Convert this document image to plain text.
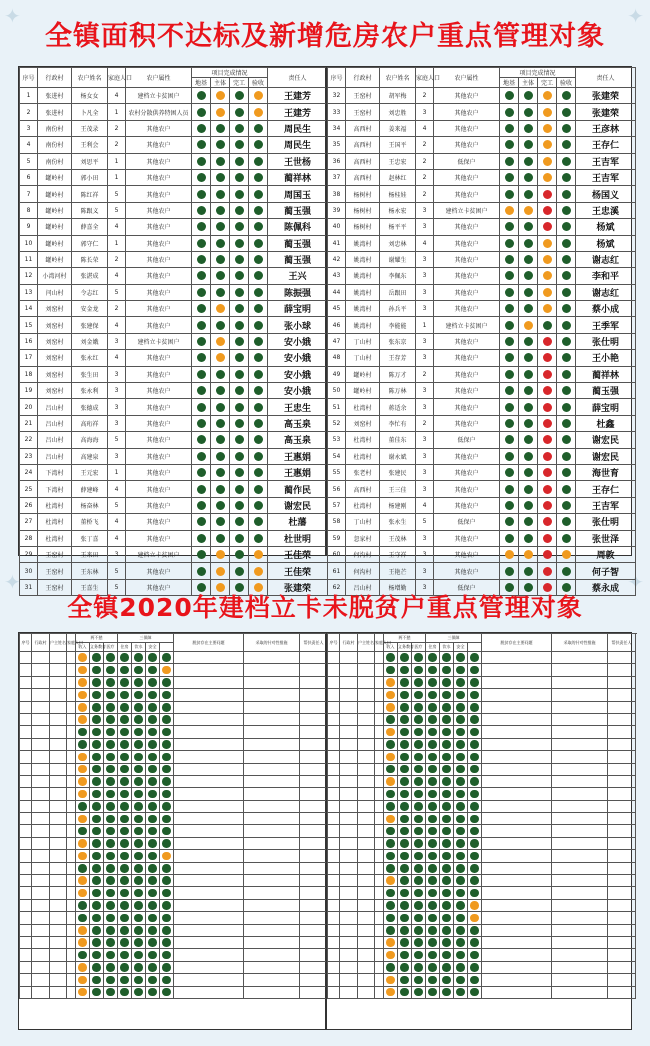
✦	✦
✦	✦
全镇面积不达标及新增危房农户重点管理对象
序号	行政村	农户姓名	家庭人口	农户属性	项目完成情况				责任人
					地基	主体	完工	验收	
1	张进村	杨女女	4	建档立卡贫困户					王建芳
2	张进村	卜凡全	1	农村分散供养特困人员					王建芳
3	南份村	王茂录	2	其他农户					周民生
4	南份村	王利会	2	其他农户					周民生
5	南份村	刘思平	1	其他农户					王世杨
6	罐岭村	郭小田	1	其他农户					蔺祥林
7	罐岭村	陈红祥	5	其他农户					周国玉
8	罐岭村	陈跟义	5	其他农户					蔺玉强
9	罐岭村	薛喜全	4	其他农户					陈佩科
10	罐岭村	郭守仁	1	其他农户					蔺玉强
11	罐岭村	陈长荣	2	其他农户					蔺玉强
12	小湾河村	张湛成	4	其他农户					王兴
13	闫山村	令志红	5	其他农户					陈振强
14	刘窑村	安金龙	2	其他农户					薛宝明
15	刘窑村	张建保	4	其他农户					张小球
16	刘窑村	刘金娥	3	建档立卡贫困户					安小娥
17	刘窑村	张永红	4	其他农户					安小娥
18	刘窑村	张生田	3	其他农户					安小娥
19	刘窑村	张永利	3	其他农户					安小娥
20	吕山村	张德成	3	其他农户					王忠生
21	吕山村	高珩祥	3	其他农户					高玉泉
22	吕山村	高海海	5	其他农户					高玉泉
23	吕山村	高建泉	3	其他农户					王惠娟
24	下湾村	王元宏	1	其他农户					王惠娟
25	下湾村	薛建峰	4	其他农户					蔺作民
26	杜湾村	杨奋林	5	其他农户					谢宏民
27	杜湾村	董桥飞	4	其他农户					杜藩
28	杜湾村	张丁喜	4	其他农户					杜世明
29	王窑村	王来田	3	建档立卡贫困户					王佳荣
30	王窑村	王东林	5	其他农户					王佳荣
31	王窑村	王喜生	5	其他农户					张建荣
序号	行政村	农户姓名	家庭人口	农户属性	项目完成情况				责任人
					地基	主体	完工	验收	
32	王窑村	胡军梅	2	其他农户					张建荣
33	王窑村	刘忠胜	3	其他农户					张建荣
34	高西村	姜来福	4	其他农户					王彦林
35	高西村	王国平	2	其他农户					王存仁
36	高西村	王忠宏	2	低保户					王吉军
37	高西村	赵林红	2	其他农户					王吉军
38	杨树村	杨桂娃	2	其他农户					杨国义
39	杨树村	杨永宏	3	建档立卡贫困户					王忠溪
40	杨树村	杨平平	3	其他农户					杨斌
41	姚湾村	刘忠林	4	其他农户					杨斌
42	姚湾村	谢耀生	3	其他农户					谢志红
43	姚湾村	李佩东	3	其他农户					李和平
44	姚湾村	岳跟田	3	其他农户					谢志红
45	姚湾村	孙兵平	3	其他农户					蔡小成
46	姚湾村	李能能	1	建档立卡贫困户					王季军
47	丁山村	张东京	3	其他农户					张仕明
48	丁山村	王存芳	3	其他农户					王小艳
49	罐岭村	陈万才	2	其他农户					蔺祥林
50	罐岭村	陈万林	3	其他农户					蔺玉强
51	杜湾村	蒋适余	3	其他农户					薛宝明
52	刘窑村	李忙有	2	其他农户					杜鑫
53	杜湾村	董佳东	3	低保户					谢宏民
54	杜湾村	谢永斌	3	其他农户					谢宏民
55	张老村	张建民	3	其他农户					海世育
56	高西村	王三佳	3	其他农户					王存仁
57	杜湾村	杨建刚	4	其他农户					王吉军
58	丁山村	张永生	5	低保户					张仕明
59	忽家村	王茂林	3	其他农户					张世泽
60	何沟村	王守祥	3	其他农户					周敦
61	何沟村	王艳芒	3	其他农户					何子智
62	吕山村	杨增勤	3	低保户					蔡永成
全镇2020年建档立卡未脱贫户重点管理对象
序号	行政村	户主姓名	家庭人口	两不愁			三保障				脱贫存在主要问题	采取的针对性措施	帮扶责任人
				收入	义务教育	医疗	住房	饮水	安全				

序号	行政村	户主姓名	家庭人口	两不愁			三保障				脱贫存在主要问题	采取的针对性措施	帮扶责任人
				收入	义务教育	医疗	住房	饮水	安全				
